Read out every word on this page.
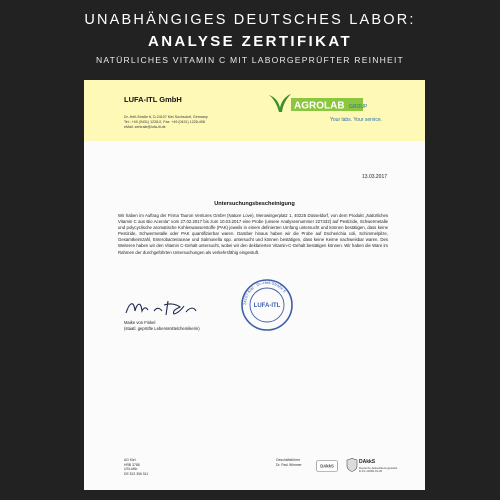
UNABHÄNGIGES DEUTSCHES LABOR:
ANALYSE ZERTIFIKAT
NATÜRLICHES VITAMIN C MIT LABORGEPRÜFTER REINHEIT
LUFA-ITL GmbH
Dr.-Hell-Straße 6, D-24107 Kiel Suchsdorf, Germany
Tel.: +49 (0431) 1228-0, Fax: +49 (0431) 1228-498
eMail: zentrale@lufa-itl.de
AGROLAB GROUP
Your labs. Your service.
13.03.2017
Untersuchungsbescheinigung
Wir haben im Auftrag der Firma Tauron Ventures GmbH (Nature Love), Merowingerplatz 1, 40225 Düsseldorf, von dem Produkt „Natürliches Vitamin C aus Bio Acerola“ vom 27.02.2017 bis zum 10.03.2017 eine Probe (unsere Analysennummer 227432) auf Pestizide, Schwermetalle und polycyclische aromatische Kohlenwasserstoffe (PAK) jeweils in einem definierten Umfang untersucht und können bestätigen, dass keine Pestizide, Schwermetalle oder PAK quantifizierbar waren. Darüber hinaus haben wir die Probe auf Escherichia coli, Schimmelpilze, Gesamtkeimzahl, Enterobacteriaceae und Salmonella spp. untersucht und können bestätigen, dass keine Keime nachweisbar waren. Des Weiteren haben wir den Vitamin C-Gehalt untersucht, wobei wir den deklarierten Vitamin-C-Gehalt bestätigen können. Wir haben die Ware im Rahmen der durchgeführten Untersuchungen als verkehrsfähig eingestuft.
Maike von Finkel
(staatl. geprüfte Lebensmittelchemikerin)
24107 Kiel · Dr.-Hell-Straße 6
LUFA-ITL
AG Kiel
HRB 3788
USt-IdNr.
DE 813 356 511
Geschäftsführer
Dr. Paul Wimmer	DAkkS
DAkkS
Deutsche Akkreditierungsstelle
D-PL-14082-01-00
